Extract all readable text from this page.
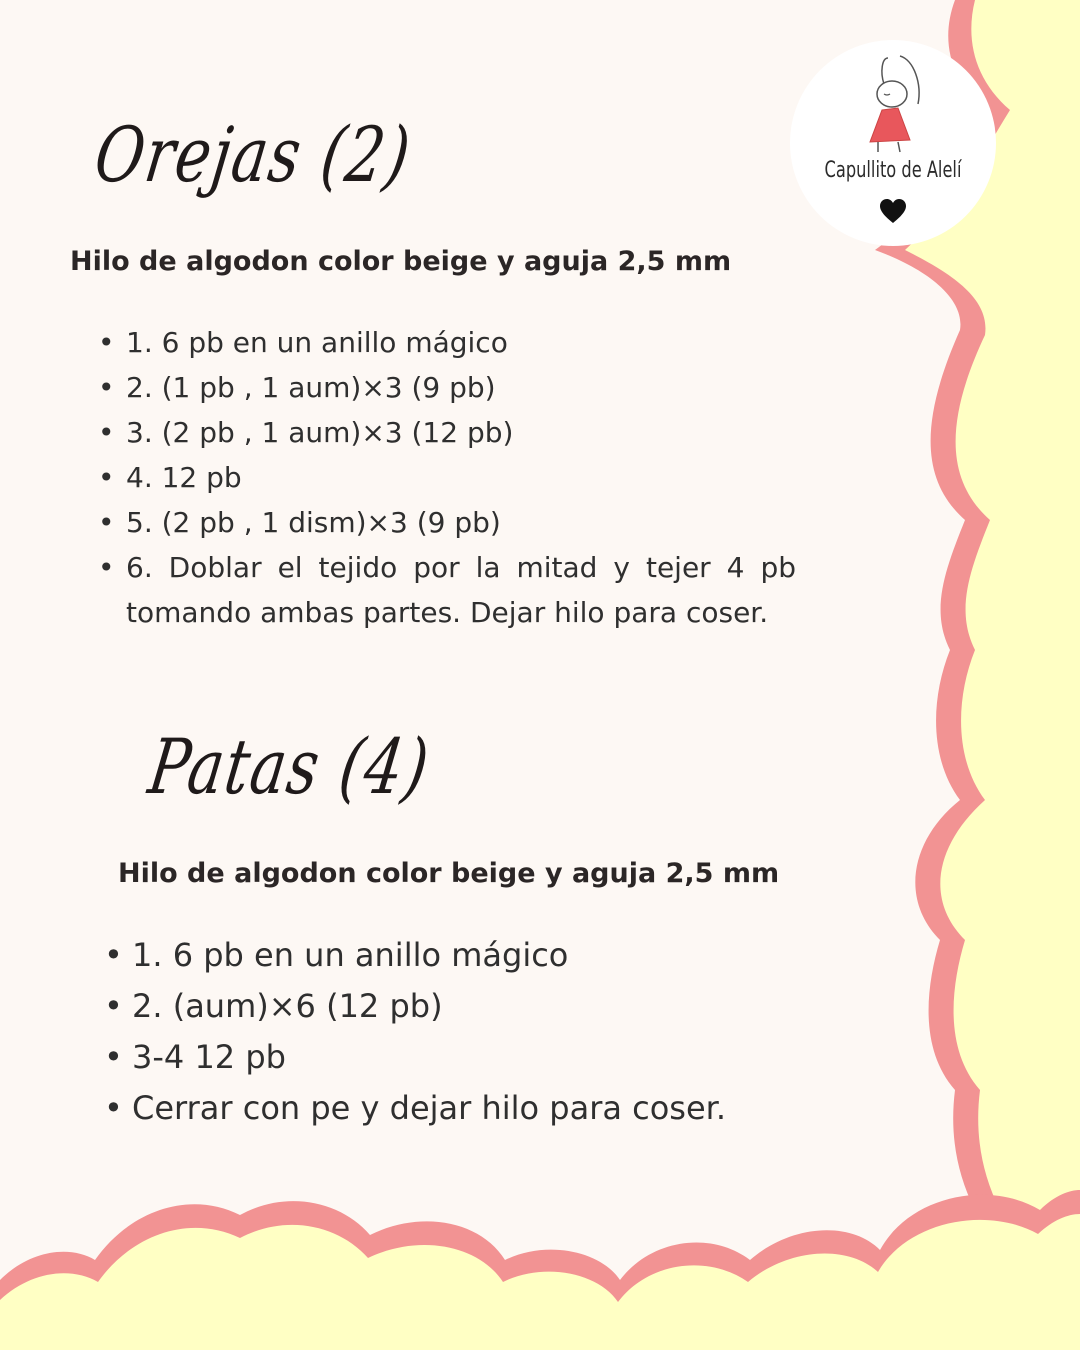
Capullito de Alelí
Orejas (2)
Hilo de algodon color beige y aguja 2,5 mm
• 1. 6 pb en un anillo mágico
• 2. (1 pb , 1 aum)×3 (9 pb)
• 3. (2 pb , 1 aum)×3 (12 pb)
• 4. 12 pb
• 5. (2 pb , 1 dism)×3 (9 pb)
• 6. Doblar el tejido por la mitad y tejer 4 pb tomando ambas partes. Dejar hilo para coser.
Patas (4)
Hilo de algodon color beige y aguja 2,5 mm
• 1. 6 pb en un anillo mágico
• 2. (aum)×6 (12 pb)
• 3-4 12 pb
• Cerrar con pe y dejar hilo para coser.
